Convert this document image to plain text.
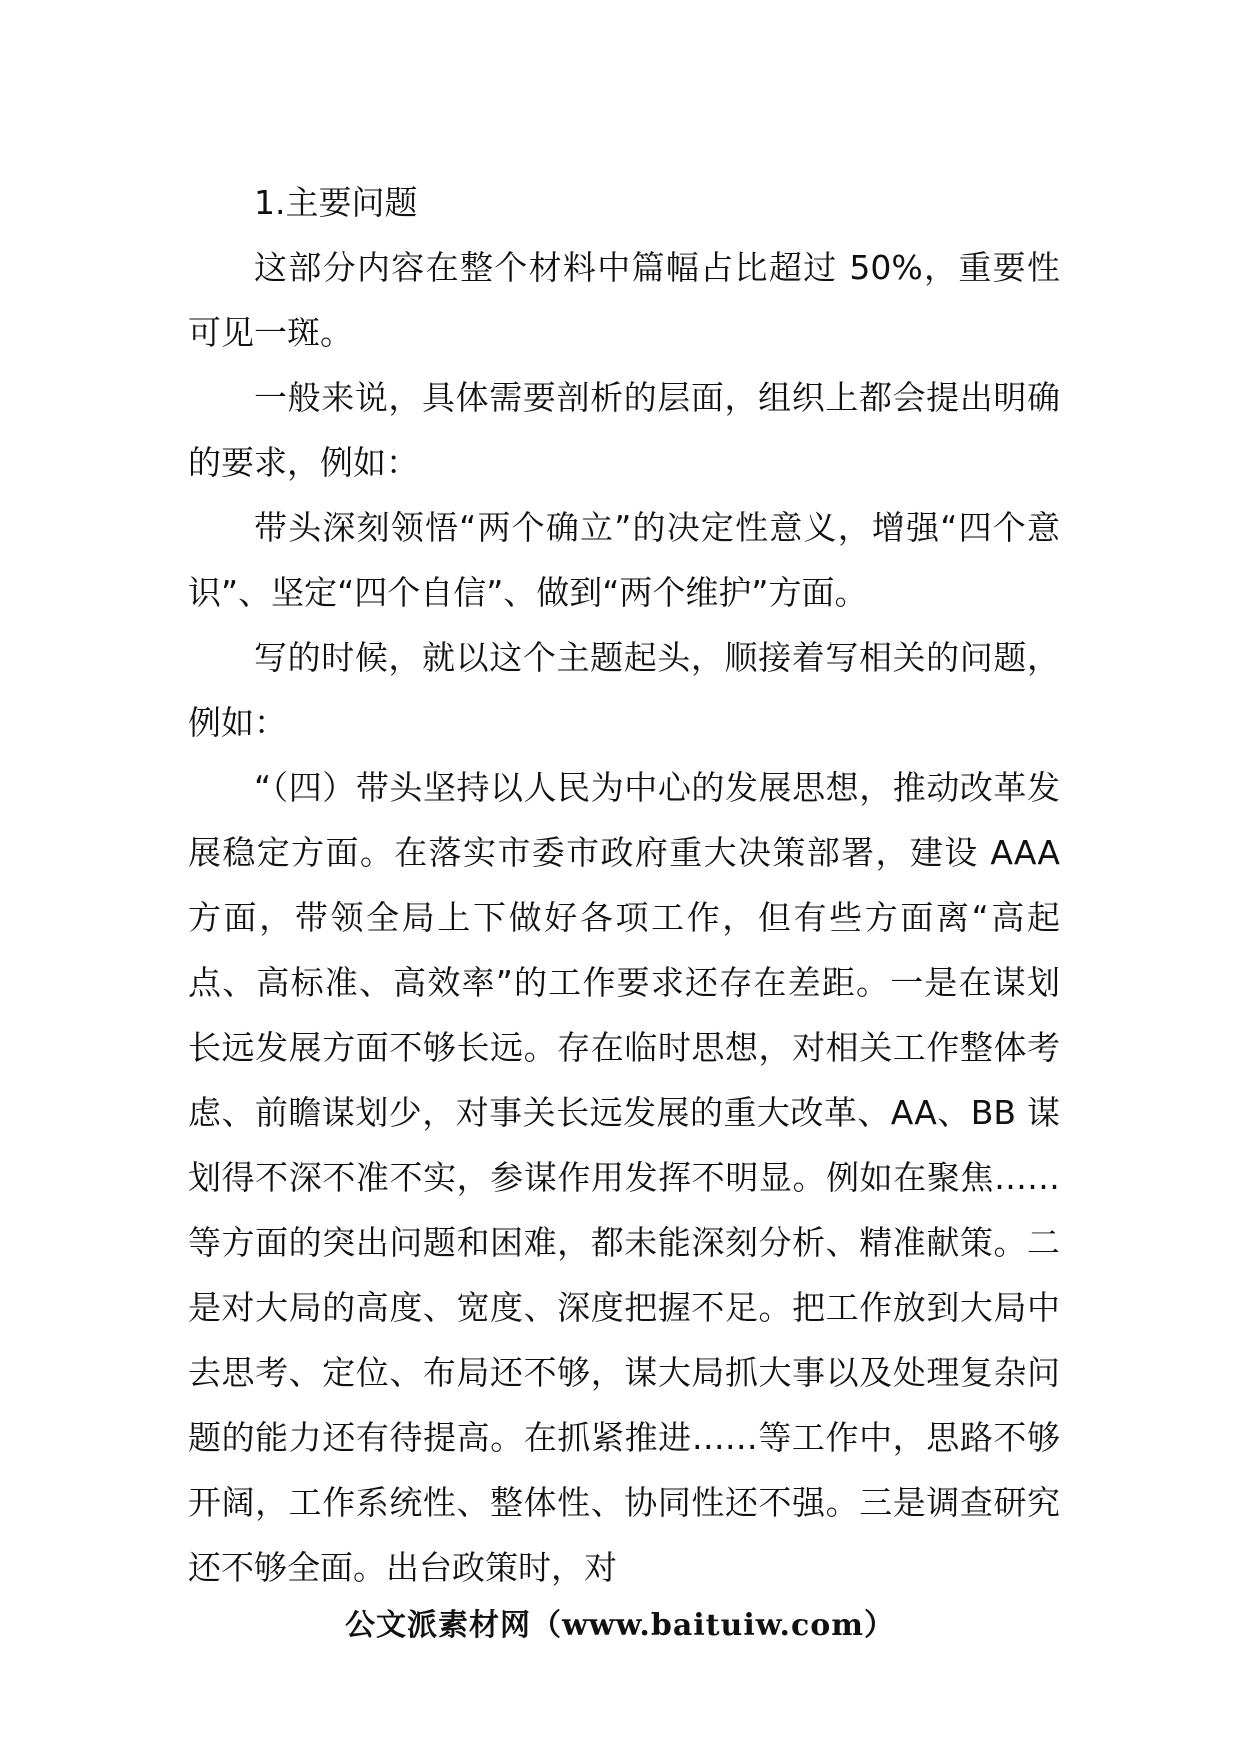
1.主要问题

这部分内容在整个材料中篇幅占比超过 50%，重要性可见一斑。

一般来说，具体需要剖析的层面，组织上都会提出明确的要求，例如：

带头深刻领悟“两个确立”的决定性意义，增强“四个意识”、坚定“四个自信”、做到“两个维护”方面。

写的时候，就以这个主题起头，顺接着写相关的问题，例如：

“（四）带头坚持以人民为中心的发展思想，推动改革发展稳定方面。在落实市委市政府重大决策部署，建设 AAA 方面，带领全局上下做好各项工作，但有些方面离“高起点、高标准、高效率”的工作要求还存在差距。一是在谋划长远发展方面不够长远。存在临时思想，对相关工作整体考虑、前瞻谋划少，对事关长远发展的重大改革、AA、BB 谋划得不深不准不实，参谋作用发挥不明显。例如在聚焦……等方面的突出问题和困难，都未能深刻分析、精准献策。二是对大局的高度、宽度、深度把握不足。把工作放到大局中去思考、定位、布局还不够，谋大局抓大事以及处理复杂问题的能力还有待提高。在抓紧推进……等工作中，思路不够开阔，工作系统性、整体性、协同性还不强。三是调查研究还不够全面。出台政策时，对

公文派素材网（www.baituiw.com）
